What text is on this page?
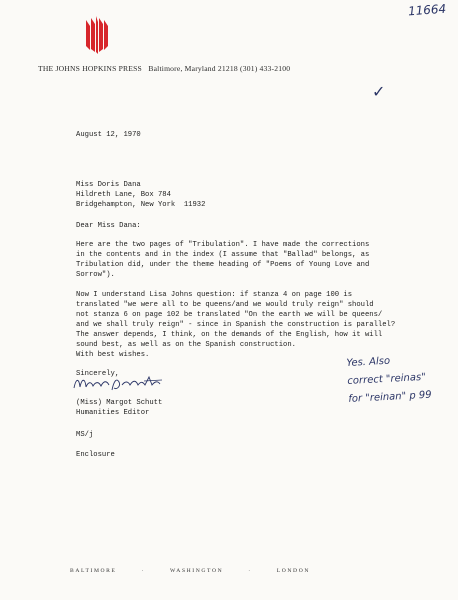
THE JOHNS HOPKINS PRESS Baltimore, Maryland 21218 (301) 433-2100
11664
✓
August 12, 1970
Miss Doris Dana
Hildreth Lane, Box 784
Bridgehampton, New York  11932
Dear Miss Dana:
Here are the two pages of "Tribulation". I have made the corrections
in the contents and in the index (I assume that "Ballad" belongs, as
Tribulation did, under the theme heading of "Poems of Young Love and
Sorrow").
Now I understand Lisa Johns question: if stanza 4 on page 100 is
translated "we were all to be queens/and we would truly reign" should
not stanza 6 on page 102 be translated "On the earth we will be queens/
and we shall truly reign" - since in Spanish the construction is parallel?
The answer depends, I think, on the demands of the English, how it will
sound best, as well as on the Spanish construction.
With best wishes.
Sincerely,
(Miss) Margot Schutt
Humanities Editor
MS/j
Enclosure
Yes. Also
correct "reinas"
for "reinan" p 99
BALTIMORE	·	WASHINGTON	·	LONDON
